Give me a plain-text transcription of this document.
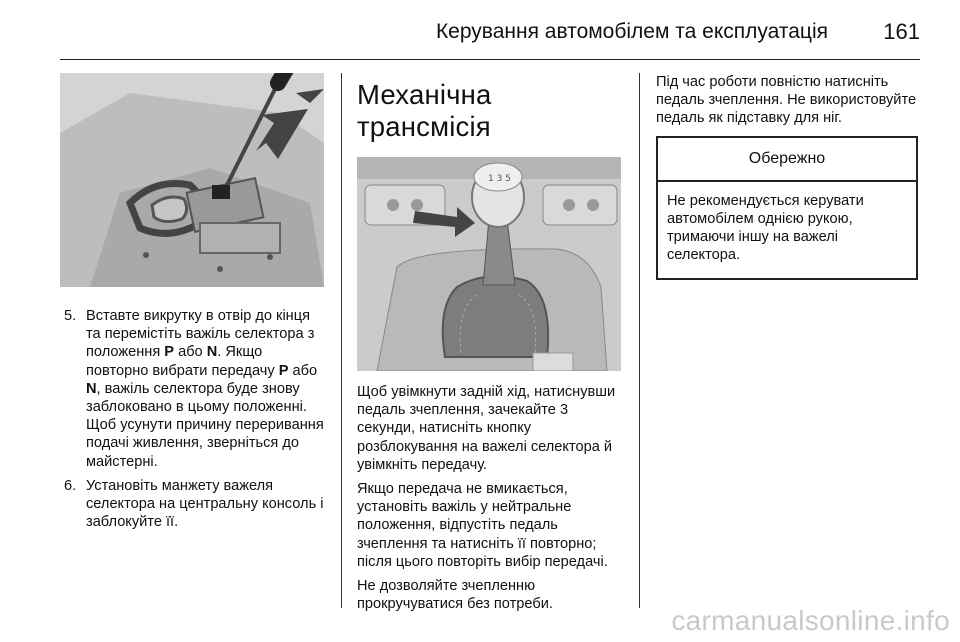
Керування автомобілем та експлуатація	161
5. Вставте викрутку в отвір до кінця та перемістіть важіль селектора з положення P або N. Якщо повторно вибрати передачу P або N, важіль селектора буде знову заблоковано в цьому положенні. Щоб усунути причину переривання подачі живлення, зверніться до майстерні.
6. Установіть манжету важеля селектора на центральну консоль і заблокуйте її.
Механічна трансмісія
1 3 5

Щоб увімкнути задній хід, натиснувши педаль зчеплення, зачекайте 3 секунди, натисніть кнопку розблокування на важелі селектора й увімкніть передачу.

Якщо передача не вмикається, установіть важіль у нейтральне положення, відпустіть педаль зчеплення та натисніть її повторно; після цього повторіть вибір передачі.

Не дозволяйте зчепленню прокручуватися без потреби.

Під час роботи повністю натисніть педаль зчеплення. Не використовуйте педаль як підставку для ніг.

Обережно
Не рекомендується керувати автомобілем однією рукою, тримаючи іншу на важелі селектора.
carmanualsonline.info
